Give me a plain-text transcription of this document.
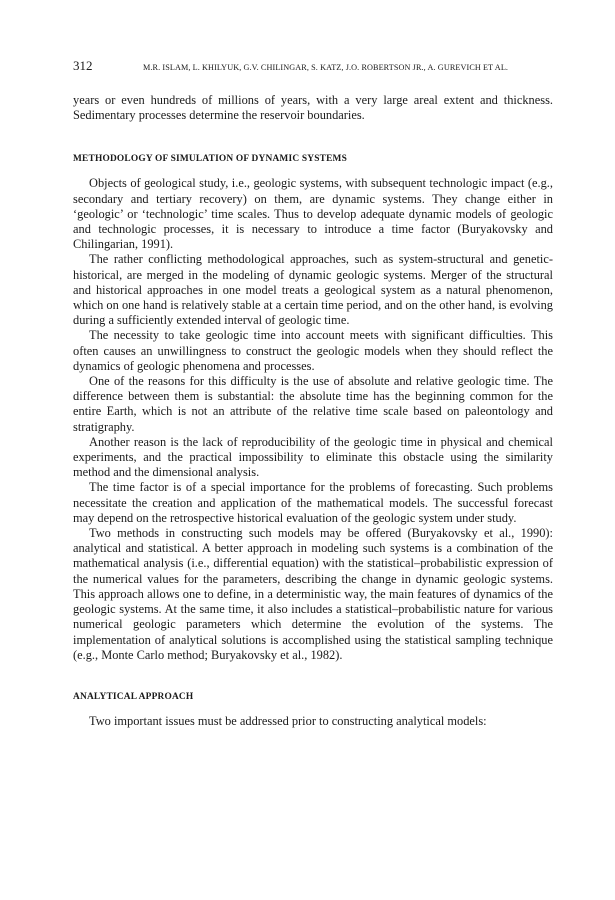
312	M.R. ISLAM, L. KHILYUK, G.V. CHILINGAR, S. KATZ, J.O. ROBERTSON JR., A. GUREVICH ET AL.

years or even hundreds of millions of years, with a very large areal extent and thickness. Sedimentary processes determine the reservoir boundaries.

METHODOLOGY OF SIMULATION OF DYNAMIC SYSTEMS

Objects of geological study, i.e., geologic systems, with subsequent technologic impact (e.g., secondary and tertiary recovery) on them, are dynamic systems. They change either in ‘geologic’ or ‘technologic’ time scales. Thus to develop adequate dynamic models of geologic and technologic processes, it is necessary to introduce a time factor (Buryakovsky and Chilingarian, 1991).

The rather conflicting methodological approaches, such as system-structural and genetic-historical, are merged in the modeling of dynamic geologic systems. Merger of the structural and historical approaches in one model treats a geological system as a natural phenomenon, which on one hand is relatively stable at a certain time period, and on the other hand, is evolving during a sufficiently extended interval of geologic time.

The necessity to take geologic time into account meets with significant difficulties. This often causes an unwillingness to construct the geologic models when they should reflect the dynamics of geologic phenomena and processes.

One of the reasons for this difficulty is the use of absolute and relative geologic time. The difference between them is substantial: the absolute time has the beginning common for the entire Earth, which is not an attribute of the relative time scale based on paleontology and stratigraphy.

Another reason is the lack of reproducibility of the geologic time in physical and chemical experiments, and the practical impossibility to eliminate this obstacle using the similarity method and the dimensional analysis.

The time factor is of a special importance for the problems of forecasting. Such problems necessitate the creation and application of the mathematical models. The successful forecast may depend on the retrospective historical evaluation of the geologic system under study.

Two methods in constructing such models may be offered (Buryakovsky et al., 1990): analytical and statistical. A better approach in modeling such systems is a combination of the mathematical analysis (i.e., differential equation) with the statistical–probabilistic expression of the numerical values for the parameters, describing the change in dynamic geologic systems. This approach allows one to define, in a deterministic way, the main features of dynamics of the geologic systems. At the same time, it also includes a statistical–probabilistic nature for various numerical geologic parameters which determine the evolution of the systems. The implementation of analytical solutions is accomplished using the statistical sampling technique (e.g., Monte Carlo method; Buryakovsky et al., 1982).

ANALYTICAL APPROACH

Two important issues must be addressed prior to constructing analytical models:
